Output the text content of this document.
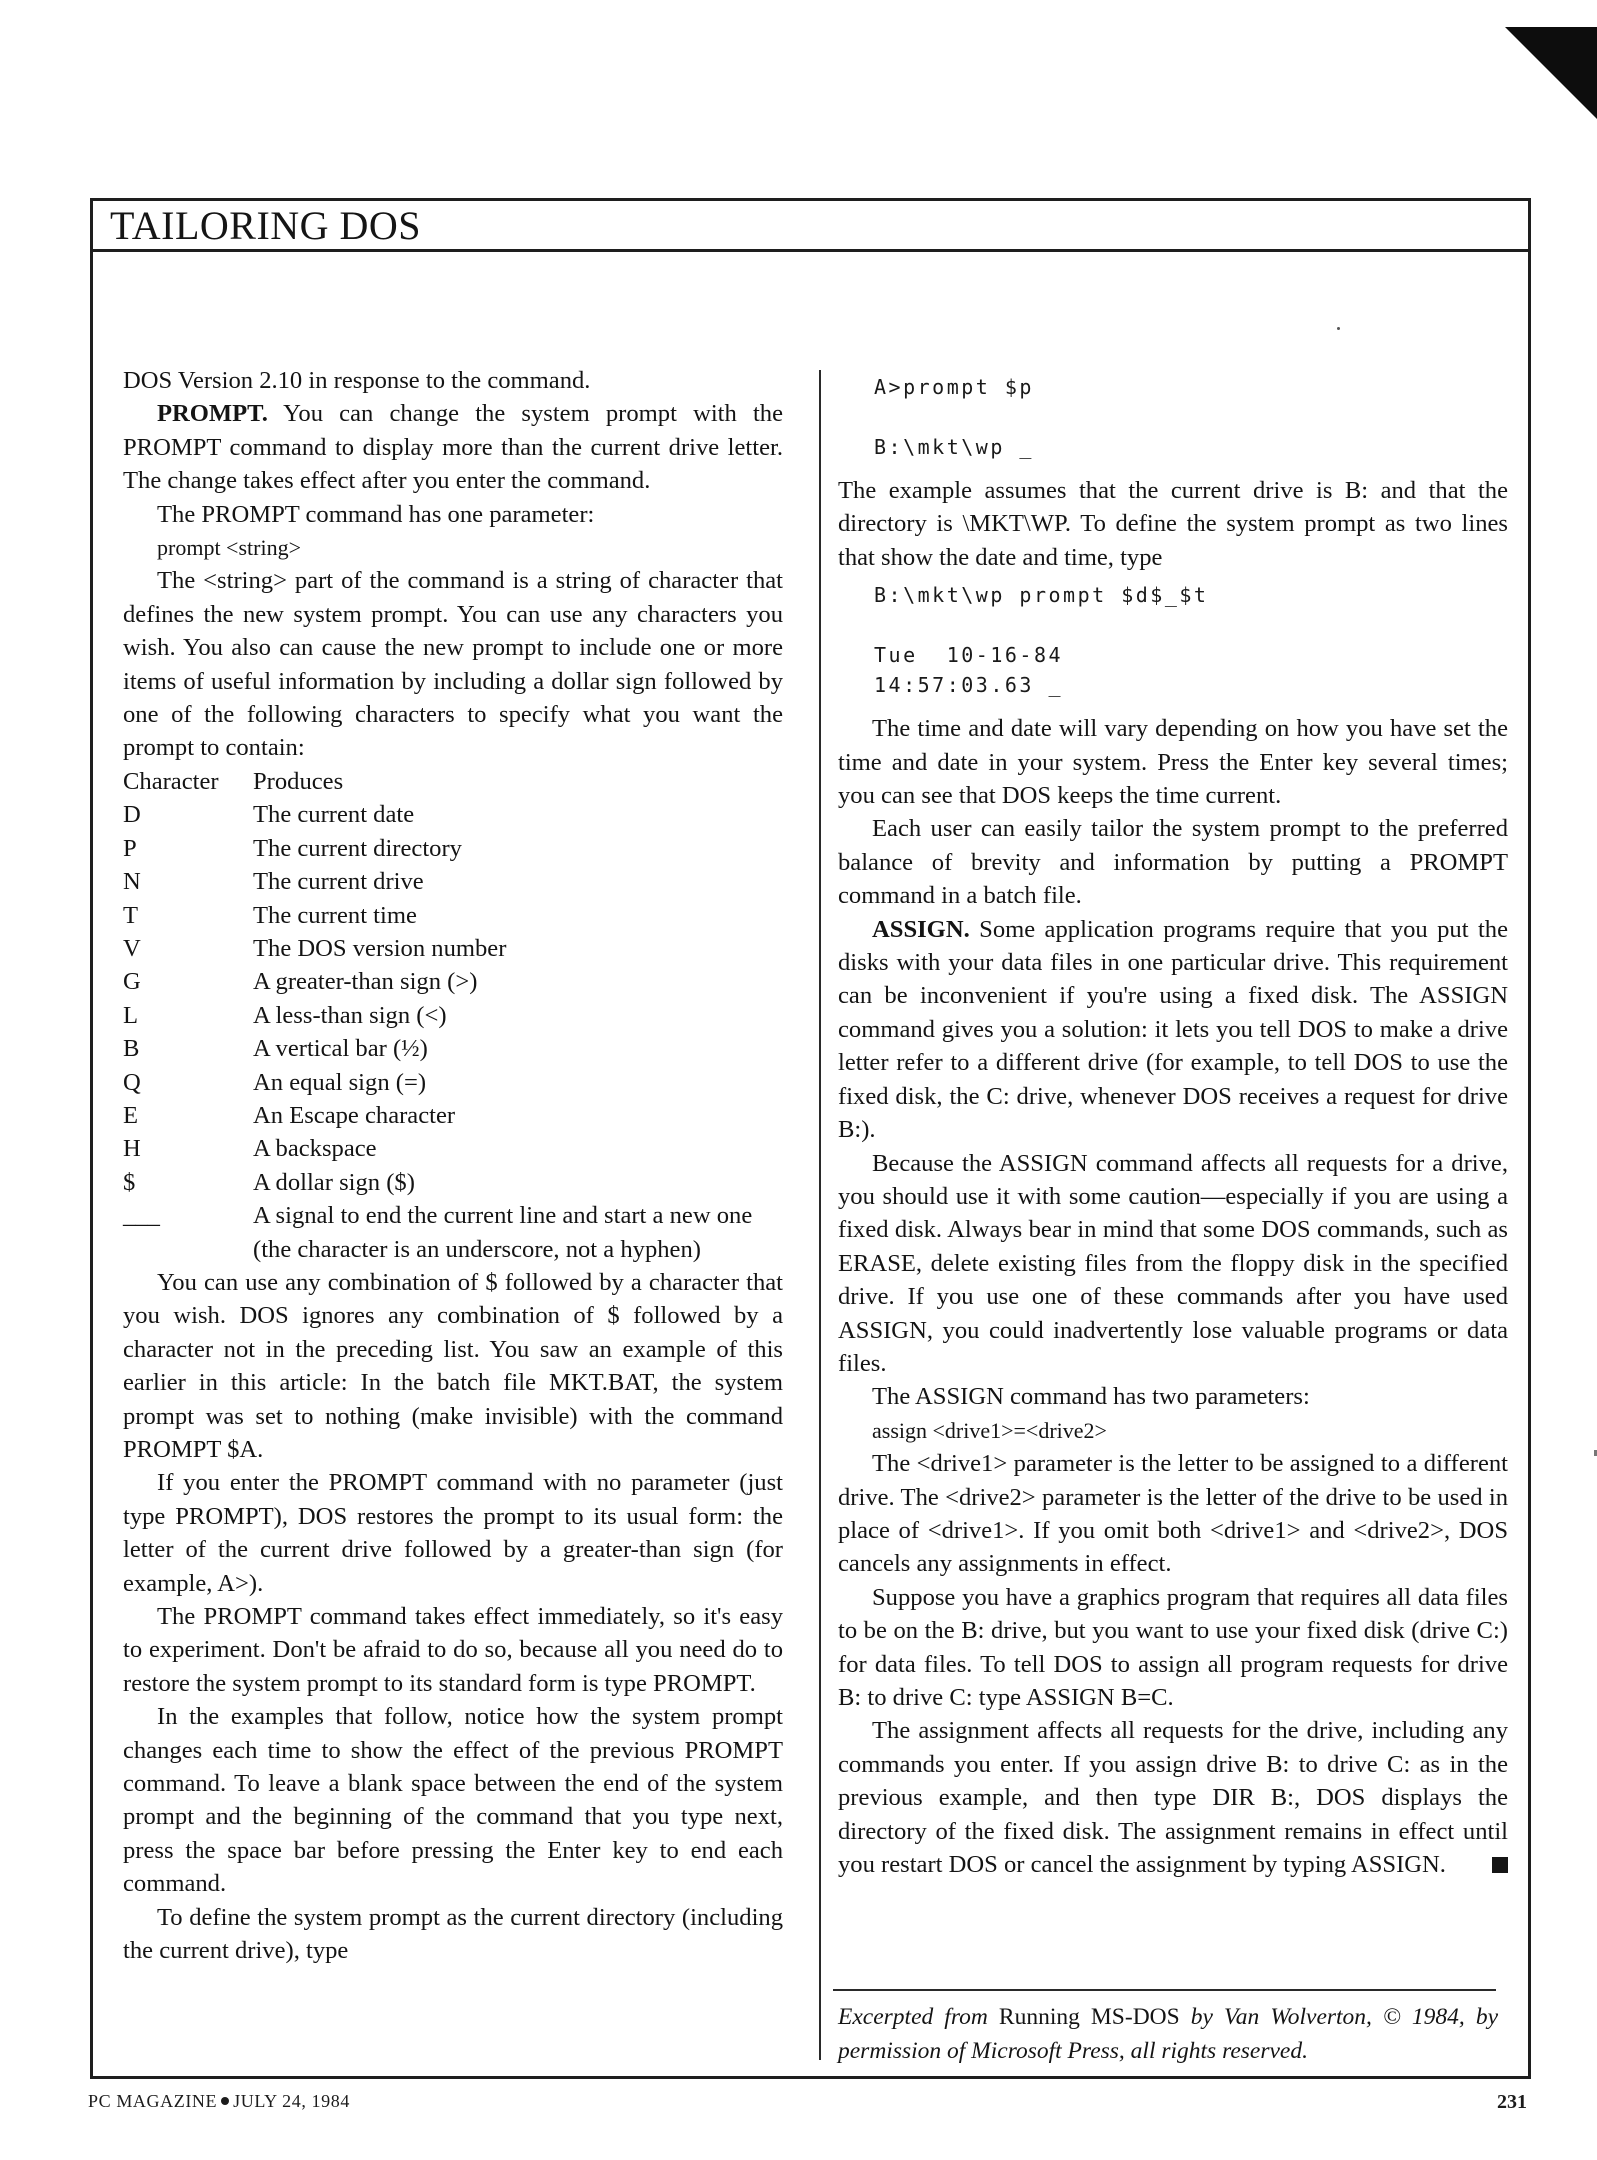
TAILORING DOS

DOS Version 2.10 in response to the command.

PROMPT. You can change the system prompt with the PROMPT command to display more than the current drive letter. The change takes effect after you enter the command.

The PROMPT command has one parameter:

prompt <string>

The <string> part of the command is a string of character that defines the new system prompt. You can use any characters you wish. You also can cause the new prompt to include one or more items of useful information by including a dollar sign followed by one of the following characters to specify what you want the prompt to contain:

Character	Produces
D	The current date
P	The current directory
N	The current drive
T	The current time
V	The DOS version number
G	A greater-than sign (>)
L	A less-than sign (<)
B	A vertical bar (½)
Q	An equal sign (=)
E	An Escape character
H	A backspace
$	A dollar sign ($)
___	A signal to end the current line and start a new one (the character is an underscore, not a hyphen)

You can use any combination of $ followed by a character that you wish. DOS ignores any combination of $ followed by a character not in the preceding list. You saw an example of this earlier in this article: In the batch file MKT.BAT, the system prompt was set to nothing (make invisible) with the command PROMPT $A.

If you enter the PROMPT command with no parameter (just type PROMPT), DOS restores the prompt to its usual form: the letter of the current drive followed by a greater-than sign (for example, A>).

The PROMPT command takes effect immediately, so it's easy to experiment. Don't be afraid to do so, because all you need do to restore the system prompt to its standard form is type PROMPT.

In the examples that follow, notice how the system prompt changes each time to show the effect of the previous PROMPT command. To leave a blank space between the end of the system prompt and the beginning of the command that you type next, press the space bar before pressing the Enter key to end each command.

To define the system prompt as the current directory (including the current drive), type

A>prompt $p

B:\mkt\wp _

The example assumes that the current drive is B: and that the directory is \MKT\WP. To define the system prompt as two lines that show the date and time, type

B:\mkt\wp prompt $d$_$t

Tue  10-16-84
14:57:03.63 _

The time and date will vary depending on how you have set the time and date in your system. Press the Enter key several times; you can see that DOS keeps the time current.

Each user can easily tailor the system prompt to the preferred balance of brevity and information by putting a PROMPT command in a batch file.

ASSIGN. Some application programs require that you put the disks with your data files in one particular drive. This requirement can be inconvenient if you're using a fixed disk. The ASSIGN command gives you a solution: it lets you tell DOS to make a drive letter refer to a different drive (for example, to tell DOS to use the fixed disk, the C: drive, whenever DOS receives a request for drive B:).

Because the ASSIGN command affects all requests for a drive, you should use it with some caution—especially if you are using a fixed disk. Always bear in mind that some DOS commands, such as ERASE, delete existing files from the floppy disk in the specified drive. If you use one of these commands after you have used ASSIGN, you could inadvertently lose valuable programs or data files.

The ASSIGN command has two parameters:

assign <drive1>=<drive2>

The <drive1> parameter is the letter to be assigned to a different drive. The <drive2> parameter is the letter of the drive to be used in place of <drive1>. If you omit both <drive1> and <drive2>, DOS cancels any assignments in effect.

Suppose you have a graphics program that requires all data files to be on the B: drive, but you want to use your fixed disk (drive C:) for data files. To tell DOS to assign all program requests for drive B: to drive C: type ASSIGN B=C.

The assignment affects all requests for the drive, including any commands you enter. If you assign drive B: to drive C: as in the previous example, and then type DIR B:, DOS displays the directory of the fixed disk. The assignment remains in effect until you restart DOS or cancel the assignment by typing ASSIGN.

Excerpted from Running MS-DOS by Van Wolverton, © 1984, by permission of Microsoft Press, all rights reserved.
PC MAGAZINE JULY 24, 1984	231
